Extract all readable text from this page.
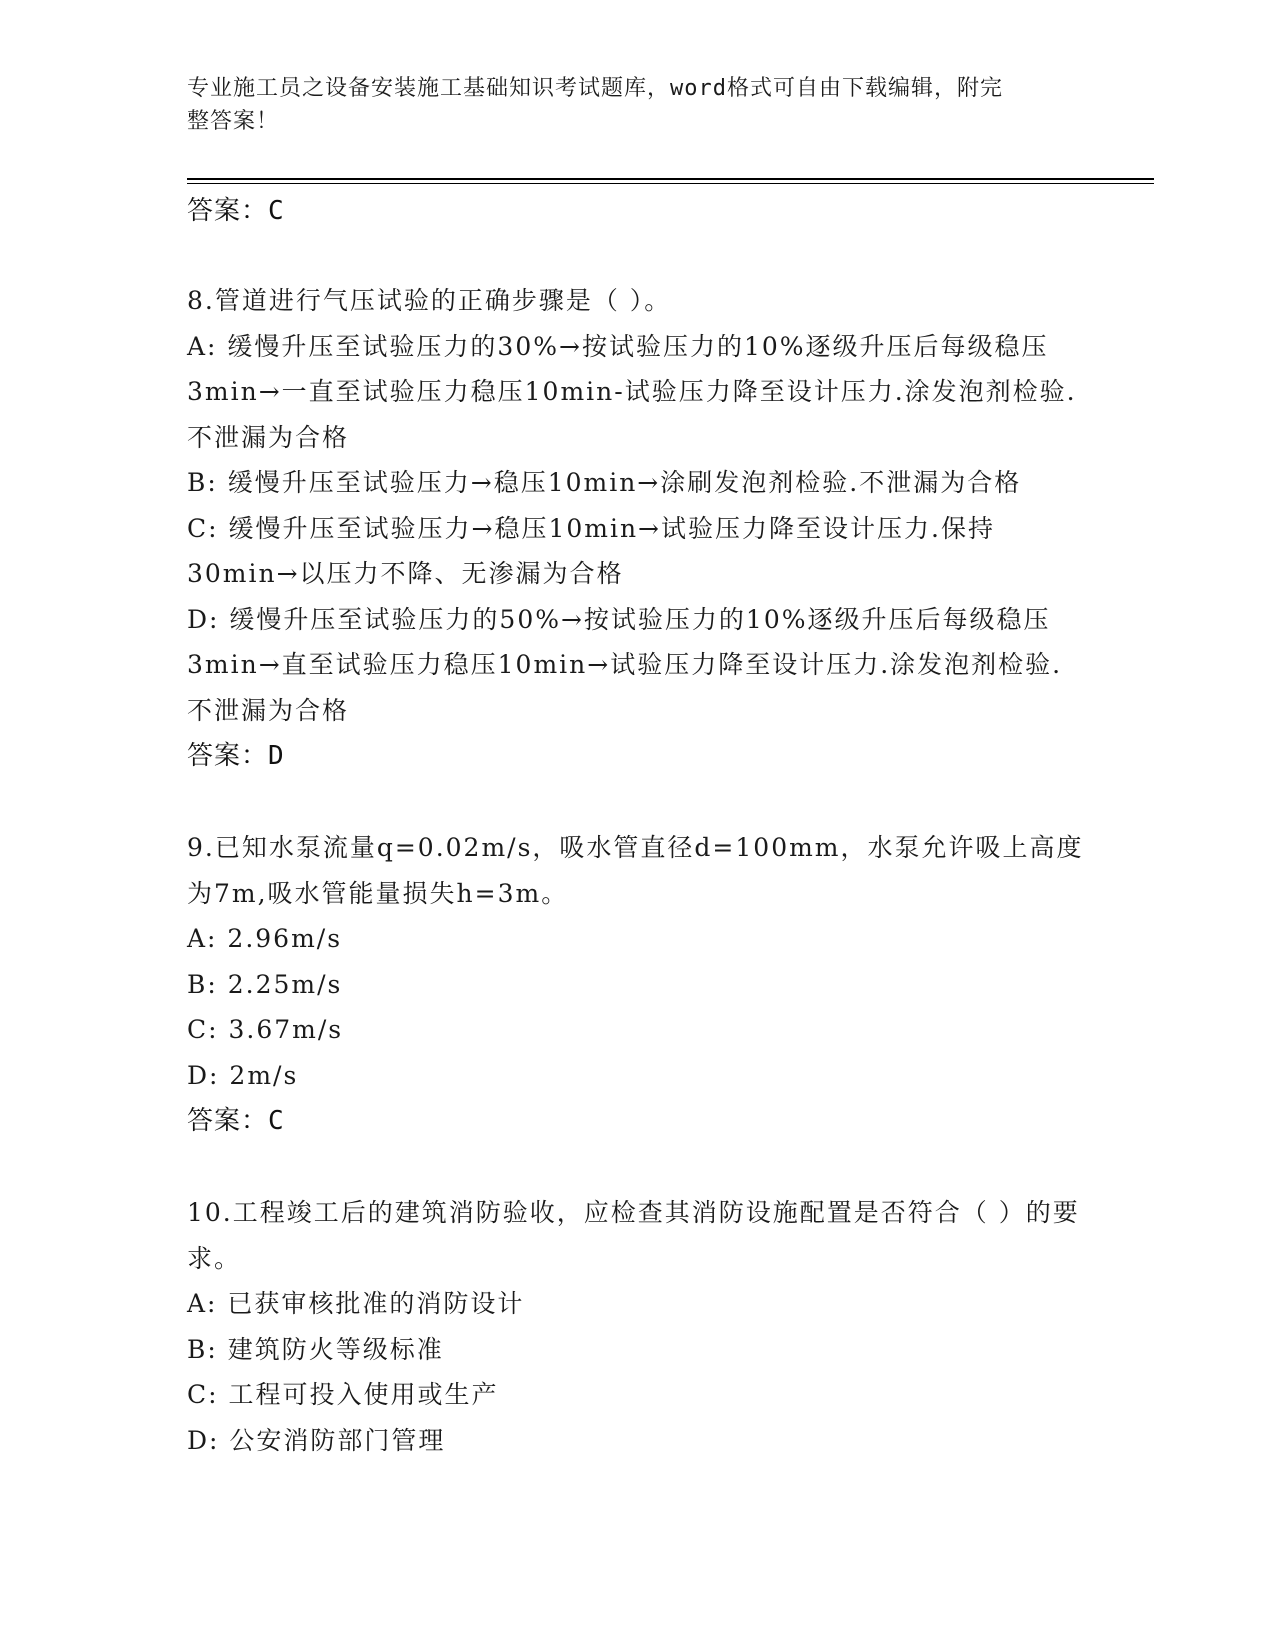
专业施工员之设备安装施工基础知识考试题库，word格式可自由下载编辑，附完
整答案！
答案：C
8.管道进行气压试验的正确步骤是（ ）。
A: 缓慢升压至试验压力的30%→按试验压力的10%逐级升压后每级稳压3min→一直至试验压力稳压10min-试验压力降至设计压力.涂发泡剂检验.不泄漏为合格
B: 缓慢升压至试验压力→稳压10min→涂刷发泡剂检验.不泄漏为合格
C: 缓慢升压至试验压力→稳压10min→试验压力降至设计压力.保持30min→以压力不降、无渗漏为合格
D: 缓慢升压至试验压力的50%→按试验压力的10%逐级升压后每级稳压3min→直至试验压力稳压10min→试验压力降至设计压力.涂发泡剂检验.不泄漏为合格
答案：D
9.已知水泵流量q=0.02m/s，吸水管直径d=100mm，水泵允许吸上高度为7m,吸水管能量损失h=3m。
A: 2.96m/s
B: 2.25m/s
C: 3.67m/s
D: 2m/s
答案：C
10.工程竣工后的建筑消防验收，应检查其消防设施配置是否符合（ ）的要求。
A: 已获审核批准的消防设计
B: 建筑防火等级标准
C: 工程可投入使用或生产
D: 公安消防部门管理
